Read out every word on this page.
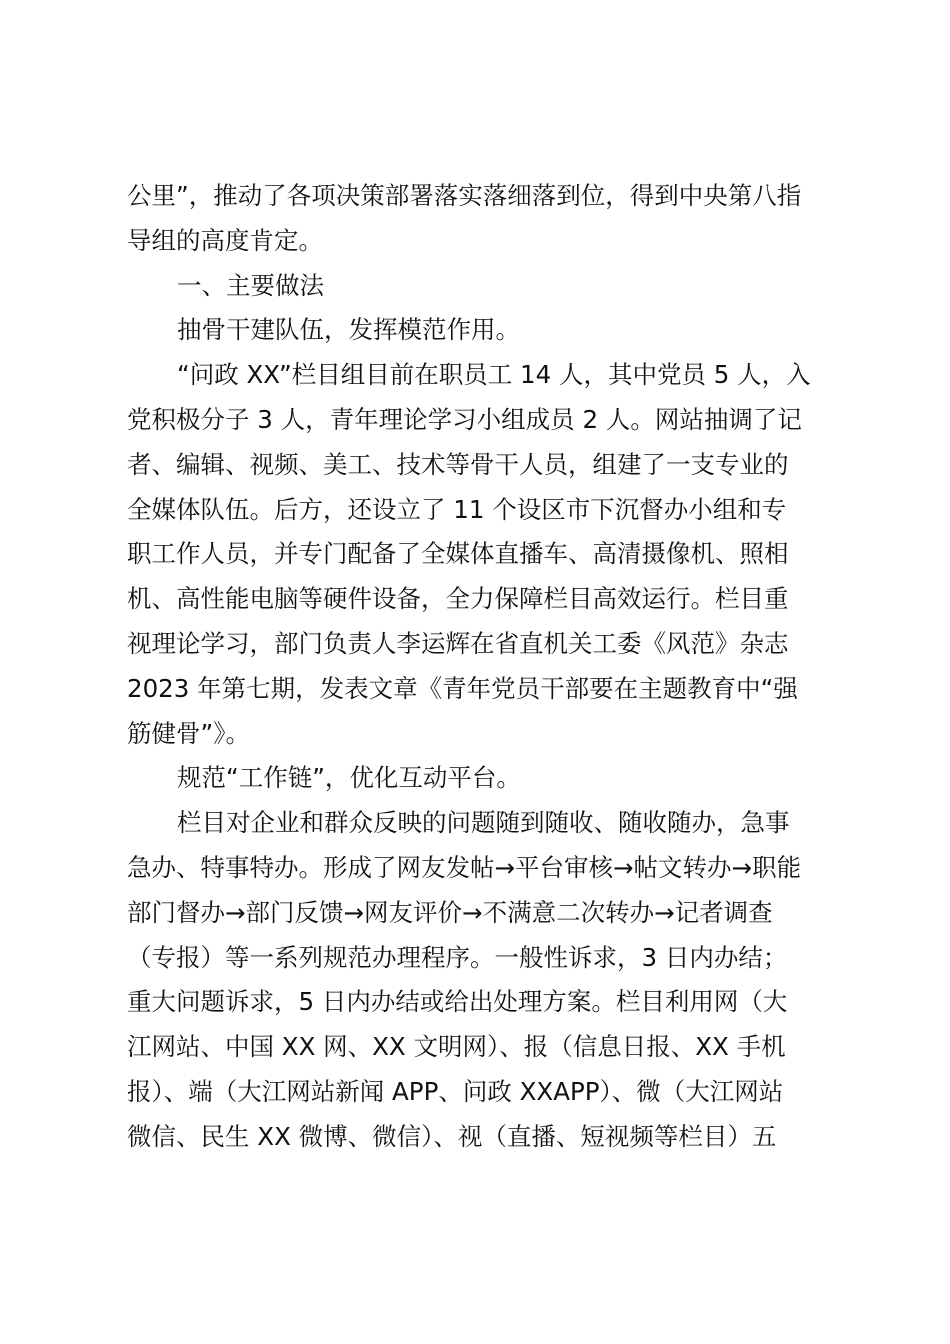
公里”，推动了各项决策部署落实落细落到位，得到中央第八指
导组的高度肯定。
一、主要做法
抽骨干建队伍，发挥模范作用。
“问政 XX”栏目组目前在职员工 14 人，其中党员 5 人，入
党积极分子 3 人，青年理论学习小组成员 2 人。网站抽调了记
者、编辑、视频、美工、技术等骨干人员，组建了一支专业的
全媒体队伍。后方，还设立了 11 个设区市下沉督办小组和专
职工作人员，并专门配备了全媒体直播车、高清摄像机、照相
机、高性能电脑等硬件设备，全力保障栏目高效运行。栏目重
视理论学习，部门负责人李运辉在省直机关工委《风范》杂志
2023 年第七期，发表文章《青年党员干部要在主题教育中“强
筋健骨”》。
规范“工作链”，优化互动平台。
栏目对企业和群众反映的问题随到随收、随收随办，急事
急办、特事特办。形成了网友发帖→平台审核→帖文转办→职能
部门督办→部门反馈→网友评价→不满意二次转办→记者调查
（专报）等一系列规范办理程序。一般性诉求，3 日内办结；
重大问题诉求，5 日内办结或给出处理方案。栏目利用网（大
江网站、中国 XX 网、XX 文明网）、报（信息日报、XX 手机
报）、端（大江网站新闻 APP、问政 XXAPP）、微（大江网站
微信、民生 XX 微博、微信）、视（直播、短视频等栏目）五
